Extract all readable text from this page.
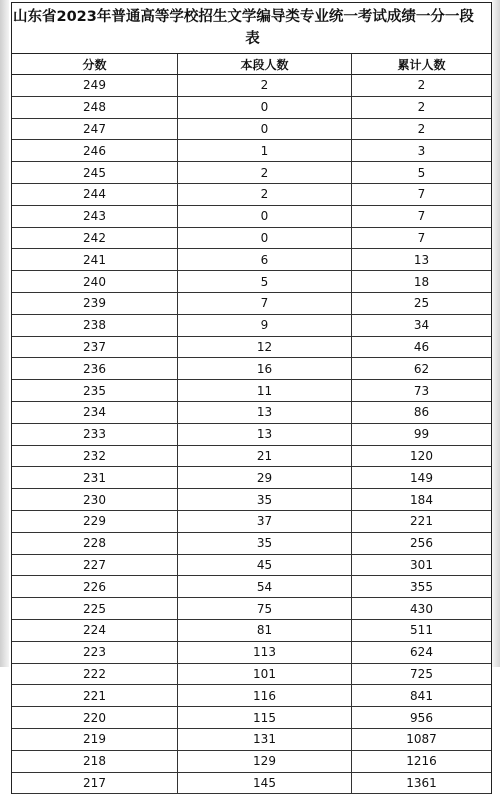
山东省2023年普通高等学校招生文学编导类专业统一考试成绩一分一段
表
分数	本段人数	累计人数
249	2	2
248	0	2
247	0	2
246	1	3
245	2	5
244	2	7
243	0	7
242	0	7
241	6	13
240	5	18
239	7	25
238	9	34
237	12	46
236	16	62
235	11	73
234	13	86
233	13	99
232	21	120
231	29	149
230	35	184
229	37	221
228	35	256
227	45	301
226	54	355
225	75	430
224	81	511
223	113	624
222	101	725
221	116	841
220	115	956
219	131	1087
218	129	1216
217	145	1361
